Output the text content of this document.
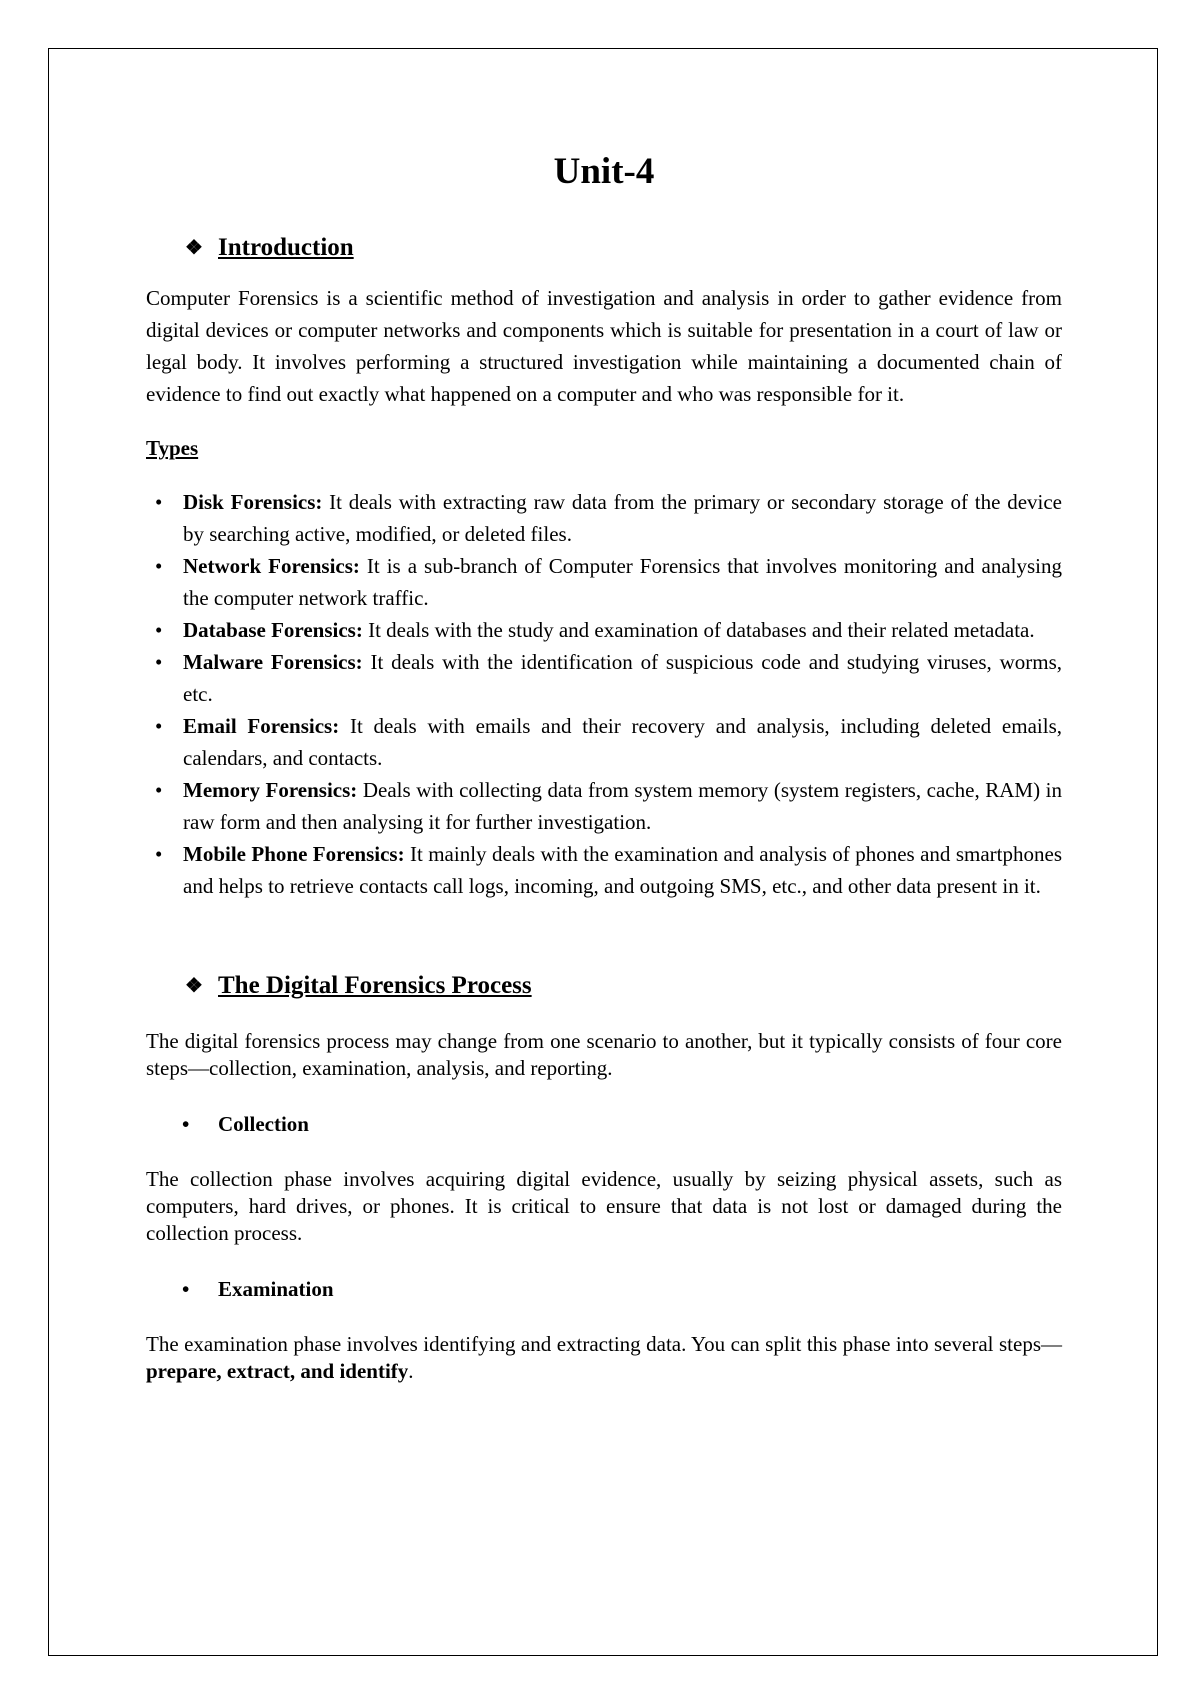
Unit-4
❖ Introduction

Computer Forensics is a scientific method of investigation and analysis in order to gather evidence from digital devices or computer networks and components which is suitable for presentation in a court of law or legal body. It involves performing a structured investigation while maintaining a documented chain of evidence to find out exactly what happened on a computer and who was responsible for it.

Types
• Disk Forensics: It deals with extracting raw data from the primary or secondary storage of the device by searching active, modified, or deleted files.
• Network Forensics: It is a sub-branch of Computer Forensics that involves monitoring and analysing the computer network traffic.
• Database Forensics: It deals with the study and examination of databases and their related metadata.
• Malware Forensics: It deals with the identification of suspicious code and studying viruses, worms, etc.
• Email Forensics: It deals with emails and their recovery and analysis, including deleted emails, calendars, and contacts.
• Memory Forensics: Deals with collecting data from system memory (system registers, cache, RAM) in raw form and then analysing it for further investigation.
• Mobile Phone Forensics: It mainly deals with the examination and analysis of phones and smartphones and helps to retrieve contacts call logs, incoming, and outgoing SMS, etc., and other data present in it.
❖ The Digital Forensics Process

The digital forensics process may change from one scenario to another, but it typically consists of four core steps—collection, examination, analysis, and reporting.

•	Collection

The collection phase involves acquiring digital evidence, usually by seizing physical assets, such as computers, hard drives, or phones. It is critical to ensure that data is not lost or damaged during the collection process.

•	Examination

The examination phase involves identifying and extracting data. You can split this phase into several steps—prepare, extract, and identify.
